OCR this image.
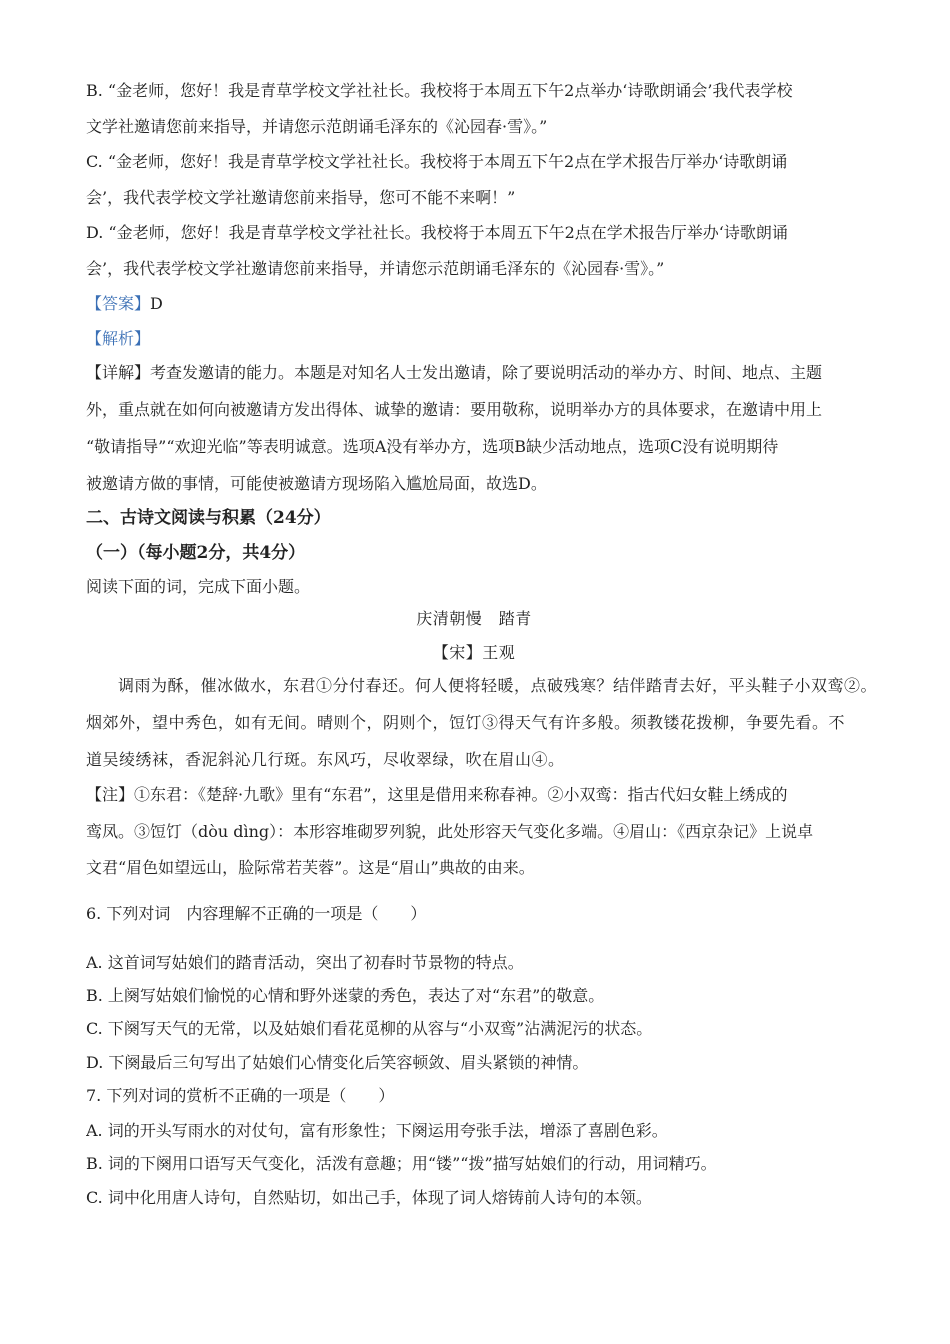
B. “金老师，您好！我是青草学校文学社社长。我校将于本周五下午2点举办‘诗歌朗诵会’我代表学校
文学社邀请您前来指导，并请您示范朗诵毛泽东的《沁园春·雪》。”
C. “金老师，您好！我是青草学校文学社社长。我校将于本周五下午2点在学术报告厅举办‘诗歌朗诵
会’，我代表学校文学社邀请您前来指导，您可不能不来啊！”
D. “金老师，您好！我是青草学校文学社社长。我校将于本周五下午2点在学术报告厅举办‘诗歌朗诵
会’，我代表学校文学社邀请您前来指导，并请您示范朗诵毛泽东的《沁园春·雪》。”
【答案】D
【解析】
【详解】考查发邀请的能力。本题是对知名人士发出邀请，除了要说明活动的举办方、时间、地点、主题
外，重点就在如何向被邀请方发出得体、诚挚的邀请：要用敬称，说明举办方的具体要求，在邀请中用上
“敬请指导”“欢迎光临”等表明诚意。选项A没有举办方，选项B缺少活动地点，选项C没有说明期待
被邀请方做的事情，可能使被邀请方现场陷入尴尬局面，故选D。
二、古诗文阅读与积累（24分）
（一）（每小题2分，共4分）
阅读下面的词，完成下面小题。
庆清朝慢　踏青
【宋】王观
调雨为酥，催冰做水，东君①分付春还。何人便将轻暖，点破残寒？结伴踏青去好，平头鞋子小双鸾②。
烟郊外，望中秀色，如有无间。晴则个，阴则个，饾饤③得天气有许多般。须教镂花拨柳，争要先看。不
道吴绫绣袜，香泥斜沁几行斑。东风巧，尽收翠绿，吹在眉山④。
【注】①东君：《楚辞·九歌》里有“东君”，这里是借用来称春神。②小双鸾：指古代妇女鞋上绣成的
鸾凤。③饾饤（dòu dìng）：本形容堆砌罗列貌，此处形容天气变化多端。④眉山：《西京杂记》上说卓
文君“眉色如望远山，脸际常若芙蓉”。这是“眉山”典故的由来。
6. 下列对词　内容理解不正确的一项是（　　）
A. 这首词写姑娘们的踏青活动，突出了初春时节景物的特点。
B. 上阕写姑娘们愉悦的心情和野外迷蒙的秀色，表达了对“东君”的敬意。
C. 下阕写天气的无常，以及姑娘们看花觅柳的从容与“小双鸾”沾满泥污的状态。
D. 下阕最后三句写出了姑娘们心情变化后笑容顿敛、眉头紧锁的神情。
7. 下列对词的赏析不正确的一项是（　　）
A. 词的开头写雨水的对仗句，富有形象性；下阕运用夸张手法，增添了喜剧色彩。
B. 词的下阕用口语写天气变化，活泼有意趣；用“镂”“拨”描写姑娘们的行动，用词精巧。
C. 词中化用唐人诗句，自然贴切，如出己手，体现了词人熔铸前人诗句的本领。
